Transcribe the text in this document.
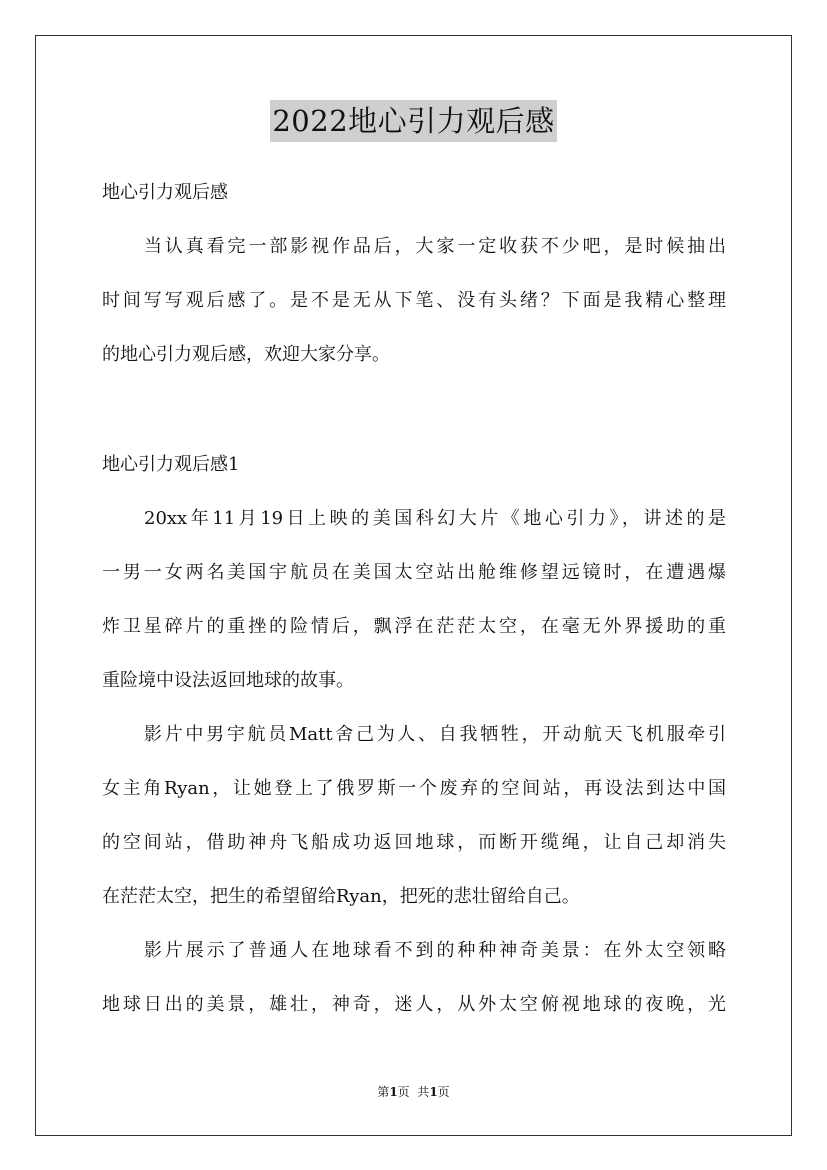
2022地心引力观后感

地心引力观后感

当认真看完一部影视作品后，大家一定收获不少吧，是时候抽出
时间写写观后感了。是不是无从下笔、没有头绪？下面是我精心整理
的地心引力观后感，欢迎大家分享。

地心引力观后感1

20xx年11月19日上映的美国科幻大片《地心引力》，讲述的是
一男一女两名美国宇航员在美国太空站出舱维修望远镜时，在遭遇爆
炸卫星碎片的重挫的险情后，飘浮在茫茫太空，在毫无外界援助的重
重险境中设法返回地球的故事。
影片中男宇航员Matt舍己为人、自我牺牲，开动航天飞机服牵引
女主角Ryan，让她登上了俄罗斯一个废弃的空间站，再设法到达中国
的空间站，借助神舟飞船成功返回地球，而断开缆绳，让自己却消失
在茫茫太空，把生的希望留给Ryan，把死的悲壮留给自己。
影片展示了普通人在地球看不到的种种神奇美景：在外太空领略
地球日出的美景，雄壮，神奇，迷人，从外太空俯视地球的夜晚，光
第1页  共1页
